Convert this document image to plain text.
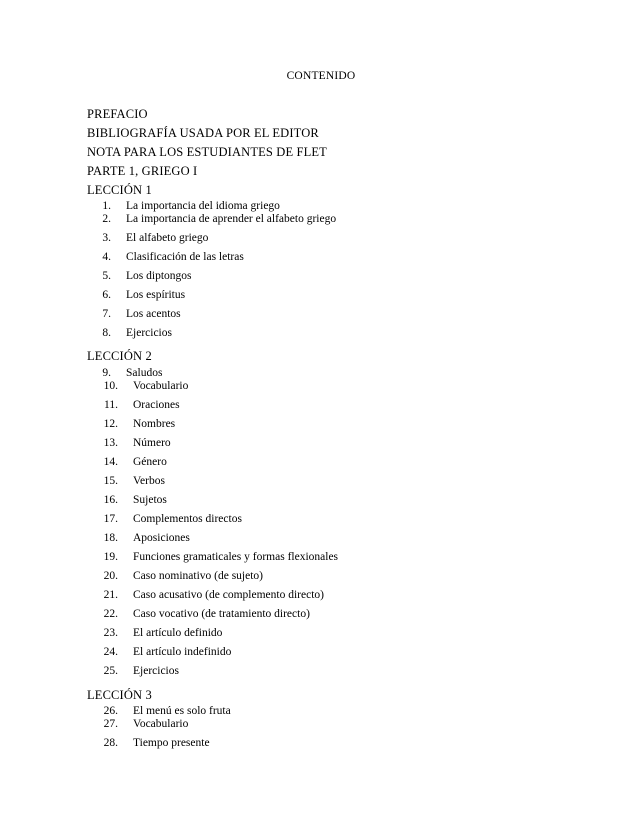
CONTENIDO
PREFACIO
BIBLIOGRAFÍA USADA POR EL EDITOR
NOTA PARA LOS ESTUDIANTES DE FLET
PARTE 1, GRIEGO I
LECCIÓN 1
1. La importancia del idioma griego
2. La importancia de aprender el alfabeto griego
3. El alfabeto griego
4. Clasificación de las letras
5. Los diptongos
6. Los espíritus
7. Los acentos
8. Ejercicios
LECCIÓN 2
9. Saludos
10. Vocabulario
11. Oraciones
12. Nombres
13. Número
14. Género
15. Verbos
16. Sujetos
17. Complementos directos
18. Aposiciones
19. Funciones gramaticales y formas flexionales
20. Caso nominativo (de sujeto)
21. Caso acusativo (de complemento directo)
22. Caso vocativo (de tratamiento directo)
23. El artículo definido
24. El artículo indefinido
25. Ejercicios
LECCIÓN 3
26. El menú es solo fruta
27. Vocabulario
28. Tiempo presente
